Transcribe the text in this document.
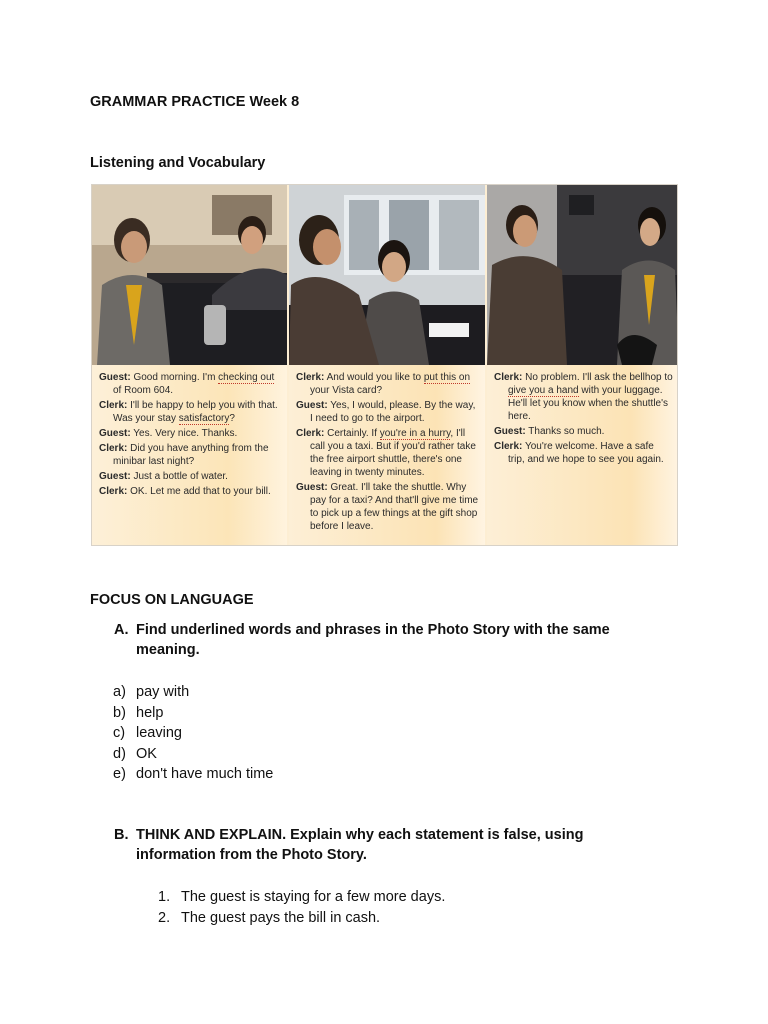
GRAMMAR PRACTICE Week 8
Listening and Vocabulary
Guest: Good morning. I'm checking out of Room 604.
Clerk: I'll be happy to help you with that. Was your stay satisfactory?
Guest: Yes. Very nice. Thanks.
Clerk: Did you have anything from the minibar last night?
Guest: Just a bottle of water.
Clerk: OK. Let me add that to your bill.
Clerk: And would you like to put this on your Vista card?
Guest: Yes, I would, please. By the way, I need to go to the airport.
Clerk: Certainly. If you're in a hurry, I'll call you a taxi. But if you'd rather take the free airport shuttle, there's one leaving in twenty minutes.
Guest: Great. I'll take the shuttle. Why pay for a taxi? And that'll give me time to pick up a few things at the gift shop before I leave.
Clerk: No problem. I'll ask the bellhop to give you a hand with your luggage. He'll let you know when the shuttle's here.
Guest: Thanks so much.
Clerk: You're welcome. Have a safe trip, and we hope to see you again.
FOCUS ON LANGUAGE
A. Find underlined words and phrases in the Photo Story with the same meaning.
a) pay with
b) help
c) leaving
d) OK
e) don't have much time
B. THINK AND EXPLAIN. Explain why each statement is false, using information from the Photo Story.
1. The guest is staying for a few more days.
2. The guest pays the bill in cash.
